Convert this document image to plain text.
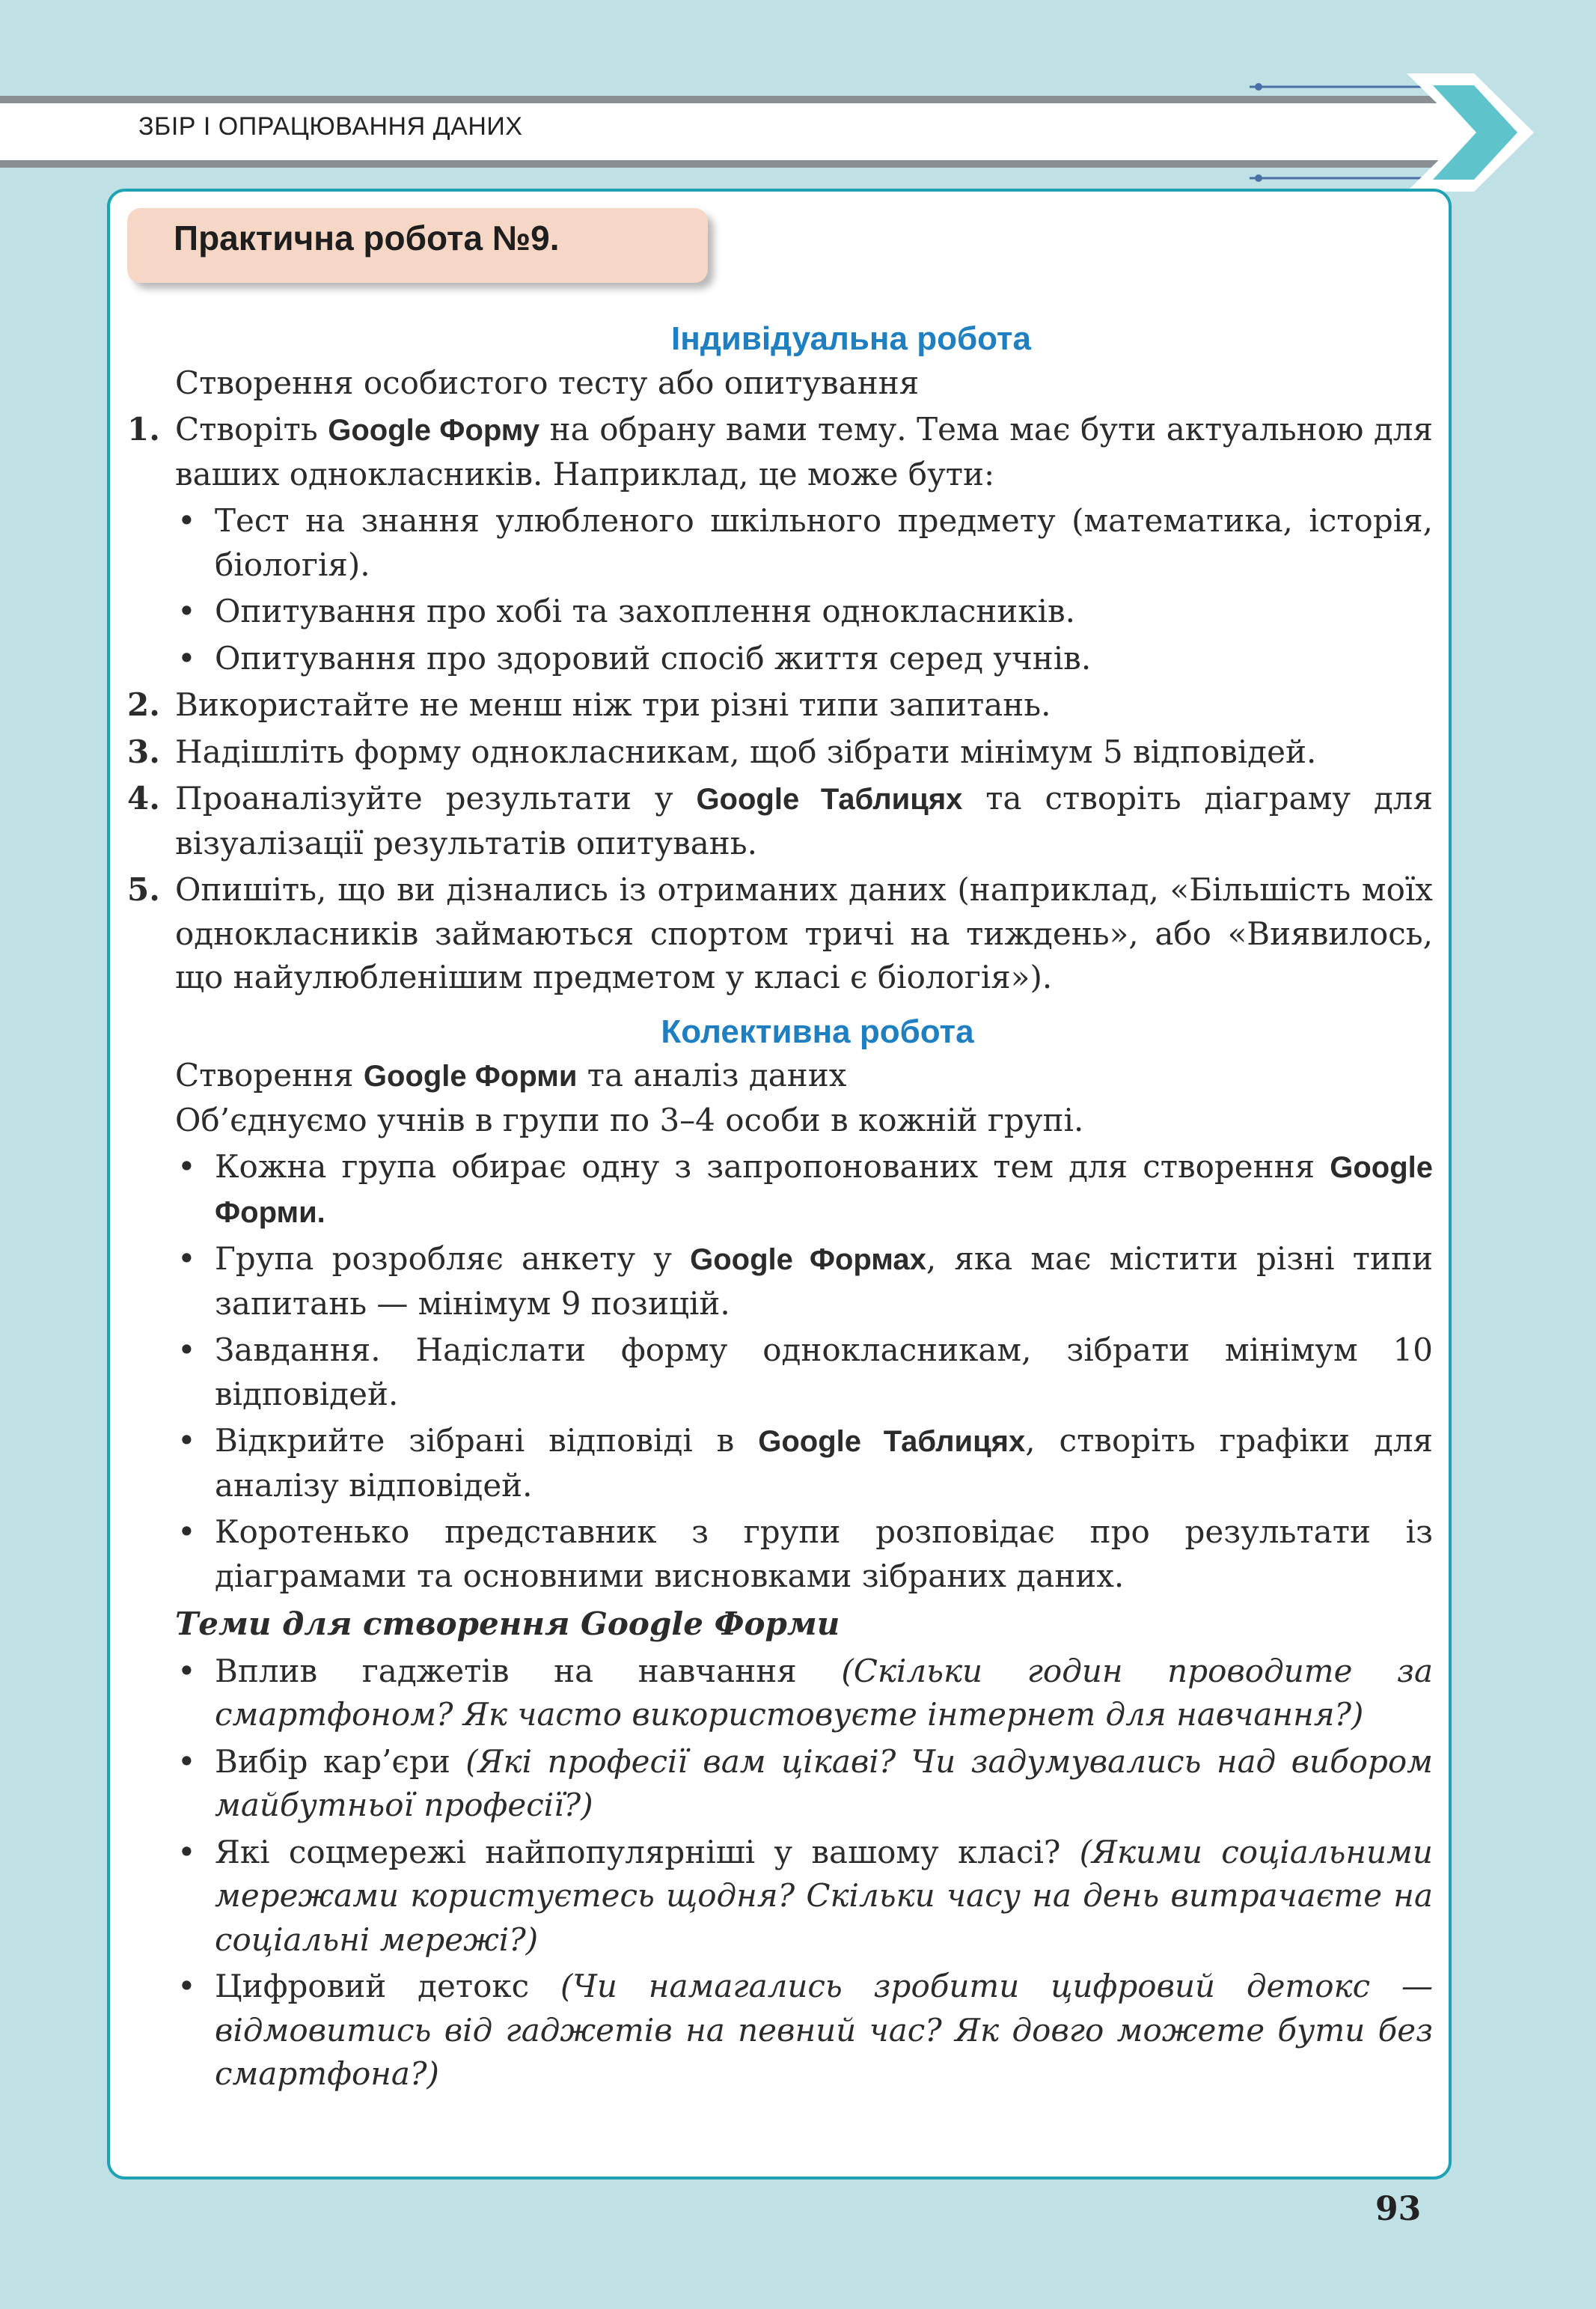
ЗБІР І ОПРАЦЮВАННЯ ДАНИХ
Практична робота №9.

Індивідуальна робота

Створення особистого тесту або опитування

1. Створіть Google Форму на обрану вами тему. Тема має бути актуальною для ваших однокласників. Наприклад, це може бути:

• Тест на знання улюбленого шкільного предмету (математика, історія, біологія).

• Опитування про хобі та захоплення однокласників.

• Опитування про здоровий спосіб життя серед учнів.

2. Використайте не менш ніж три різні типи запитань.

3. Надішліть форму однокласникам, щоб зібрати мінімум 5 відповідей.

4. Проаналізуйте результати у Google Таблицях та створіть діаграму для візуалізації результатів опитувань.

5. Опишіть, що ви дізнались із отриманих даних (наприклад, «Більшість моїх однокласників займаються спортом тричі на тиждень», або «Виявилось, що найулюбленішим предметом у класі є біологія»).

Колективна робота

Створення Google Форми та аналіз даних

Об’єднуємо учнів в групи по 3–4 особи в кожній групі.

• Кожна група обирає одну з запропонованих тем для створення Google Форми.

• Група розробляє анкету у Google Формах, яка має містити різні типи запитань — мінімум 9 позицій.

• Завдання. Надіслати форму однокласникам, зібрати мінімум 10 відповідей.

• Відкрийте зібрані відповіді в Google Таблицях, створіть графіки для аналізу відповідей.

• Коротенько представник з групи розповідає про результати із діаграмами та основними висновками зібраних даних.

Теми для створення Google Форми

• Вплив гаджетів на навчання (Скільки годин проводите за смартфоном? Як часто використовуєте інтернет для навчання?)

• Вибір кар’єри (Які професії вам цікаві? Чи задумувались над вибором майбутньої професії?)

• Які соцмережі найпопулярніші у вашому класі? (Якими соціальними мережами користуєтесь щодня? Скільки часу на день витрачаєте на соціальні мережі?)

• Цифровий детокс (Чи намагались зробити цифровий детокс — відмовитись від гаджетів на певний час? Як довго можете бути без смартфона?)

93
